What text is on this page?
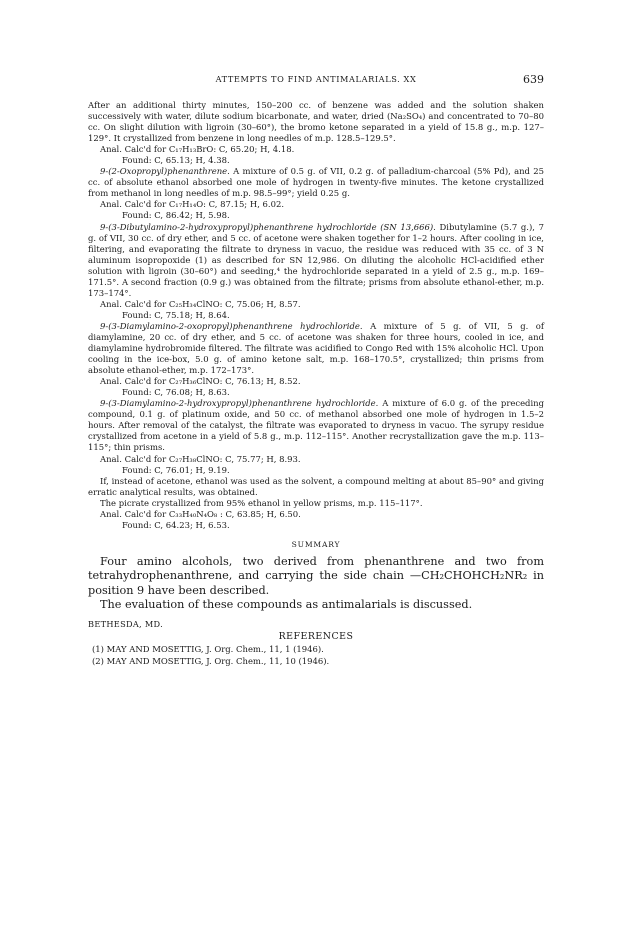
ATTEMPTS TO FIND ANTIMALARIALS. XX	639

After an additional thirty minutes, 150–200 cc. of benzene was added and the solution shaken successively with water, dilute sodium bicarbonate, and water, dried (Na₂SO₄) and concentrated to 70–80 cc. On slight dilution with ligroin (30–60°), the bromo ketone separated in a yield of 15.8 g., m.p. 127–129°. It crystallized from benzene in long needles of m.p. 128.5–129.5°.

Anal. Calc'd for C₁₇H₁₃BrO: C, 65.20; H, 4.18.

Found: C, 65.13; H, 4.38.

9-(2-Oxopropyl)phenanthrene. A mixture of 0.5 g. of VII, 0.2 g. of palladium-charcoal (5% Pd), and 25 cc. of absolute ethanol absorbed one mole of hydrogen in twenty-five minutes. The ketone crystallized from methanol in long needles of m.p. 98.5–99°; yield 0.25 g.

Anal. Calc'd for C₁₇H₁₄O: C, 87.15; H, 6.02.

Found: C, 86.42; H, 5.98.

9-(3-Dibutylamino-2-hydroxypropyl)phenanthrene hydrochloride (SN 13,666). Dibutylamine (5.7 g.), 7 g. of VII, 30 cc. of dry ether, and 5 cc. of acetone were shaken together for 1–2 hours. After cooling in ice, filtering, and evaporating the filtrate to dryness in vacuo, the residue was reduced with 35 cc. of 3 N aluminum isopropoxide (1) as described for SN 12,986. On diluting the alcoholic HCl-acidified ether solution with ligroin (30–60°) and seeding,⁴ the hydrochloride separated in a yield of 2.5 g., m.p. 169–171.5°. A second fraction (0.9 g.) was obtained from the filtrate; prisms from absolute ethanol-ether, m.p. 173–174°.

Anal. Calc'd for C₂₅H₃₄ClNO: C, 75.06; H, 8.57.

Found: C, 75.18; H, 8.64.

9-(3-Diamylamino-2-oxopropyl)phenanthrene hydrochloride. A mixture of 5 g. of VII, 5 g. of diamylamine, 20 cc. of dry ether, and 5 cc. of acetone was shaken for three hours, cooled in ice, and diamylamine hydrobromide filtered. The filtrate was acidified to Congo Red with 15% alcoholic HCl. Upon cooling in the ice-box, 5.0 g. of amino ketone salt, m.p. 168–170.5°, crystallized; thin prisms from absolute ethanol-ether, m.p. 172–173°.

Anal. Calc'd for C₂₇H₃₆ClNO: C, 76.13; H, 8.52.

Found: C, 76.08; H, 8.63.

9-(3-Diamylamino-2-hydroxypropyl)phenanthrene hydrochloride. A mixture of 6.0 g. of the preceding compound, 0.1 g. of platinum oxide, and 50 cc. of methanol absorbed one mole of hydrogen in 1.5–2 hours. After removal of the catalyst, the filtrate was evaporated to dryness in vacuo. The syrupy residue crystallized from acetone in a yield of 5.8 g., m.p. 112–115°. Another recrystallization gave the m.p. 113–115°; thin prisms.

Anal. Calc'd for C₂₇H₃₈ClNO: C, 75.77; H, 8.93.

Found: C, 76.01; H, 9.19.

If, instead of acetone, ethanol was used as the solvent, a compound melting at about 85–90° and giving erratic analytical results, was obtained.

The picrate crystallized from 95% ethanol in yellow prisms, m.p. 115–117°.

Anal. Calc'd for C₃₃H₄₀N₄O₈ : C, 63.85; H, 6.50.

Found: C, 64.23; H, 6.53.

SUMMARY

Four amino alcohols, two derived from phenanthrene and two from tetrahydrophenanthrene, and carrying the side chain —CH₂CHOHCH₂NR₂ in position 9 have been described.

The evaluation of these compounds as antimalarials is discussed.

BETHESDA, MD.
REFERENCES

(1) MAY AND MOSETTIG, J. Org. Chem., 11, 1 (1946).

(2) MAY AND MOSETTIG, J. Org. Chem., 11, 10 (1946).
